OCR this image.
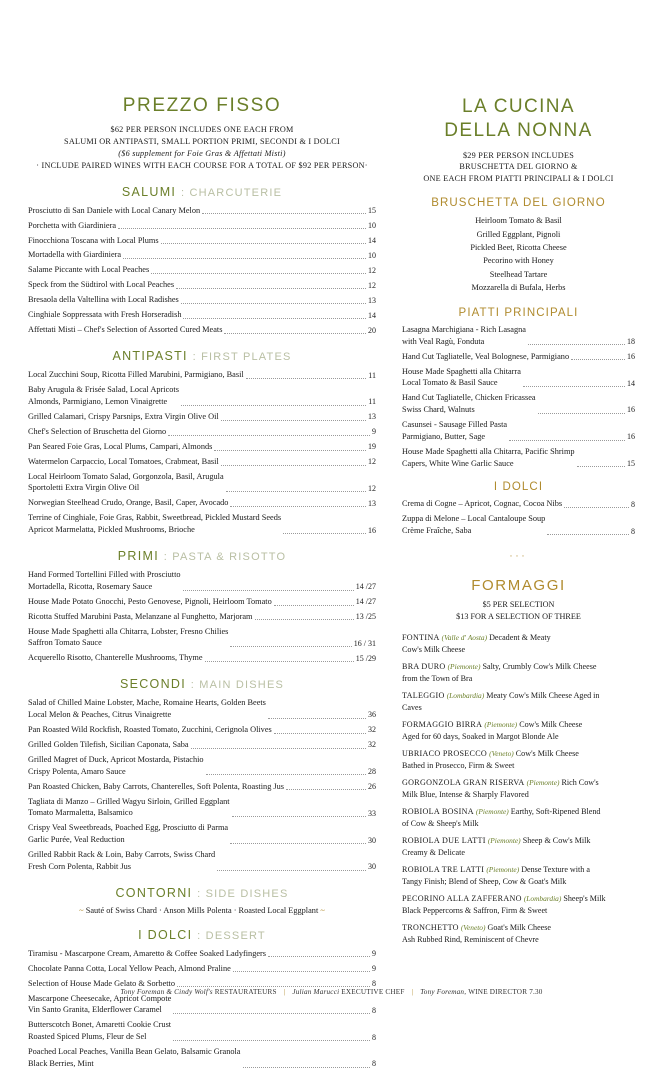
PREZZO FISSO
$62 PER PERSON INCLUDES ONE EACH FROM
SALUMI OR ANTIPASTI, SMALL PORTION PRIMI, SECONDI & I DOLCI
($6 supplement for Foie Gras & Affettati Misti)
· INCLUDE PAIRED WINES WITH EACH COURSE FOR A TOTAL OF $92 PER PERSON·
SALUMI : CHARCUTERIE
Prosciutto di San Daniele with Local Canary Melon	15
Porchetta with Giardiniera	10
Finocchiona Toscana with Local Plums	14
Mortadella with Giardiniera	10
Salame Piccante with Local Peaches	12
Speck from the Südtirol with Local Peaches	12
Bresaola della Valtellina with Local Radishes	13
Cinghiale Soppressata with Fresh Horseradish	14
Affettati Misti – Chef's Selection of Assorted Cured Meats	20
ANTIPASTI : FIRST PLATES
Local Zucchini Soup, Ricotta Filled Marubini, Parmigiano, Basil	11
Baby Arugula & Frisée Salad, Local Apricots
Almonds, Parmigiano, Lemon Vinaigrette	11
Grilled Calamari, Crispy Parsnips, Extra Virgin Olive Oil	13
Chef's Selection of Bruschetta del Giorno	9
Pan Seared Foie Gras, Local Plums, Campari, Almonds	19
Watermelon Carpaccio, Local Tomatoes, Crabmeat, Basil	12
Local Heirloom Tomato Salad, Gorgonzola, Basil, Arugula
Sportoletti Extra Virgin Olive Oil	12
Norwegian Steelhead Crudo, Orange, Basil, Caper, Avocado	13
Terrine of Cinghiale, Foie Gras, Rabbit, Sweetbread, Pickled Mustard Seeds
Apricot Marmelatta, Pickled Mushrooms, Brioche	16
PRIMI : PASTA & RISOTTO
Hand Formed Tortellini Filled with Prosciutto
Mortadella, Ricotta, Rosemary Sauce	14 /27
House Made Potato Gnocchi, Pesto Genovese, Pignoli, Heirloom Tomato	14 /27
Ricotta Stuffed Marubini Pasta, Melanzane al Funghetto, Marjoram	13 /25
House Made Spaghetti alla Chitarra, Lobster, Fresno Chilies
Saffron Tomato Sauce	16 / 31
Acquerello Risotto, Chanterelle Mushrooms, Thyme	15 /29
SECONDI : MAIN DISHES
Salad of Chilled Maine Lobster, Mache, Romaine Hearts, Golden Beets
Local Melon & Peaches, Citrus Vinaigrette	36
Pan Roasted Wild Rockfish, Roasted Tomato, Zucchini, Cerignola Olives	32
Grilled Golden Tilefish, Sicilian Caponata, Saba	32
Grilled Magret of Duck, Apricot Mostarda, Pistachio
Crispy Polenta, Amaro Sauce	28
Pan Roasted Chicken, Baby Carrots, Chanterelles, Soft Polenta, Roasting Jus	26
Tagliata di Manzo – Grilled Wagyu Sirloin, Grilled Eggplant
Tomato Marmaletta, Balsamico	33
Crispy Veal Sweetbreads, Poached Egg, Prosciutto di Parma
Garlic Purée, Veal Reduction	30
Grilled Rabbit Rack & Loin, Baby Carrots, Swiss Chard
Fresh Corn Polenta, Rabbit Jus	30
CONTORNI : SIDE DISHES
~ Sauté of Swiss Chard · Anson Mills Polenta · Roasted Local Eggplant ~
I DOLCI : DESSERT
Tiramisu - Mascarpone Cream, Amaretto & Coffee Soaked Ladyfingers	9
Chocolate Panna Cotta, Local Yellow Peach, Almond Praline	9
Selection of House Made Gelato & Sorbetto	8
Mascarpone Cheesecake, Apricot Compote
Vin Santo Granita, Elderflower Caramel	8
Butterscotch Bonet, Amaretti Cookie Crust
Roasted Spiced Plums, Fleur de Sel	8
Poached Local Peaches, Vanilla Bean Gelato, Balsamic Granola
Black Berries, Mint	8
LA CUCINA
DELLA NONNA
$29 PER PERSON INCLUDES
BRUSCHETTA DEL GIORNO &
ONE EACH FROM PIATTI PRINCIPALI & I DOLCI
BRUSCHETTA DEL GIORNO
Heirloom Tomato & Basil
Grilled Eggplant, Pignoli
Pickled Beet, Ricotta Cheese
Pecorino with Honey
Steelhead Tartare
Mozzarella di Bufala, Herbs
PIATTI PRINCIPALI
Lasagna Marchigiana - Rich Lasagna
with Veal Ragù, Fonduta	18
Hand Cut Tagliatelle, Veal Bolognese, Parmigiano	16
House Made Spaghetti alla Chitarra
Local Tomato & Basil Sauce	14
Hand Cut Tagliatelle, Chicken Fricassea
Swiss Chard, Walnuts	16
Casunsei - Sausage Filled Pasta
Parmigiano, Butter, Sage	16
House Made Spaghetti alla Chitarra, Pacific Shrimp
Capers, White Wine Garlic Sauce	15
I DOLCI
Crema di Cogne – Apricot, Cognac, Cocoa Nibs	8
Zuppa di Melone – Local Cantaloupe Soup
Crème Fraîche, Saba	8
···
FORMAGGI
$5 PER SELECTION
$13 FOR A SELECTION OF THREE
FONTINA (Valle d' Aosta) Decadent & Meaty
Cow's Milk Cheese
BRA DURO (Piemonte) Salty, Crumbly Cow's Milk Cheese
from the Town of Bra
TALEGGIO (Lombardia) Meaty Cow's Milk Cheese Aged in
Caves
FORMAGGIO BIRRA (Piemonte) Cow's Milk Cheese
Aged for 60 days, Soaked in Margot Blonde Ale
UBRIACO PROSECCO (Veneto) Cow's Milk Cheese
Bathed in Prosecco, Firm & Sweet
GORGONZOLA GRAN RISERVA (Piemonte) Rich Cow's
Milk Blue, Intense & Sharply Flavored
ROBIOLA BOSINA (Piemonte) Earthy, Soft-Ripened Blend
of Cow & Sheep's Milk
ROBIOLA DUE LATTI (Piemonte) Sheep & Cow's Milk
Creamy & Delicate
ROBIOLA TRE LATTI (Piemonte) Dense Texture with a
Tangy Finish; Blend of Sheep, Cow & Goat's Milk
PECORINO ALLA ZAFFERANO (Lombardia) Sheep's Milk
Black Peppercorns & Saffron, Firm & Sweet
TRONCHETTO (Veneto) Goat's Milk Cheese
Ash Rubbed Rind, Reminiscent of Chevre
Tony Foreman & Cindy Wolf's RESTAURATEURS | Julian Marucci EXECUTIVE CHEF | Tony Foreman, WINE DIRECTOR 7.30
